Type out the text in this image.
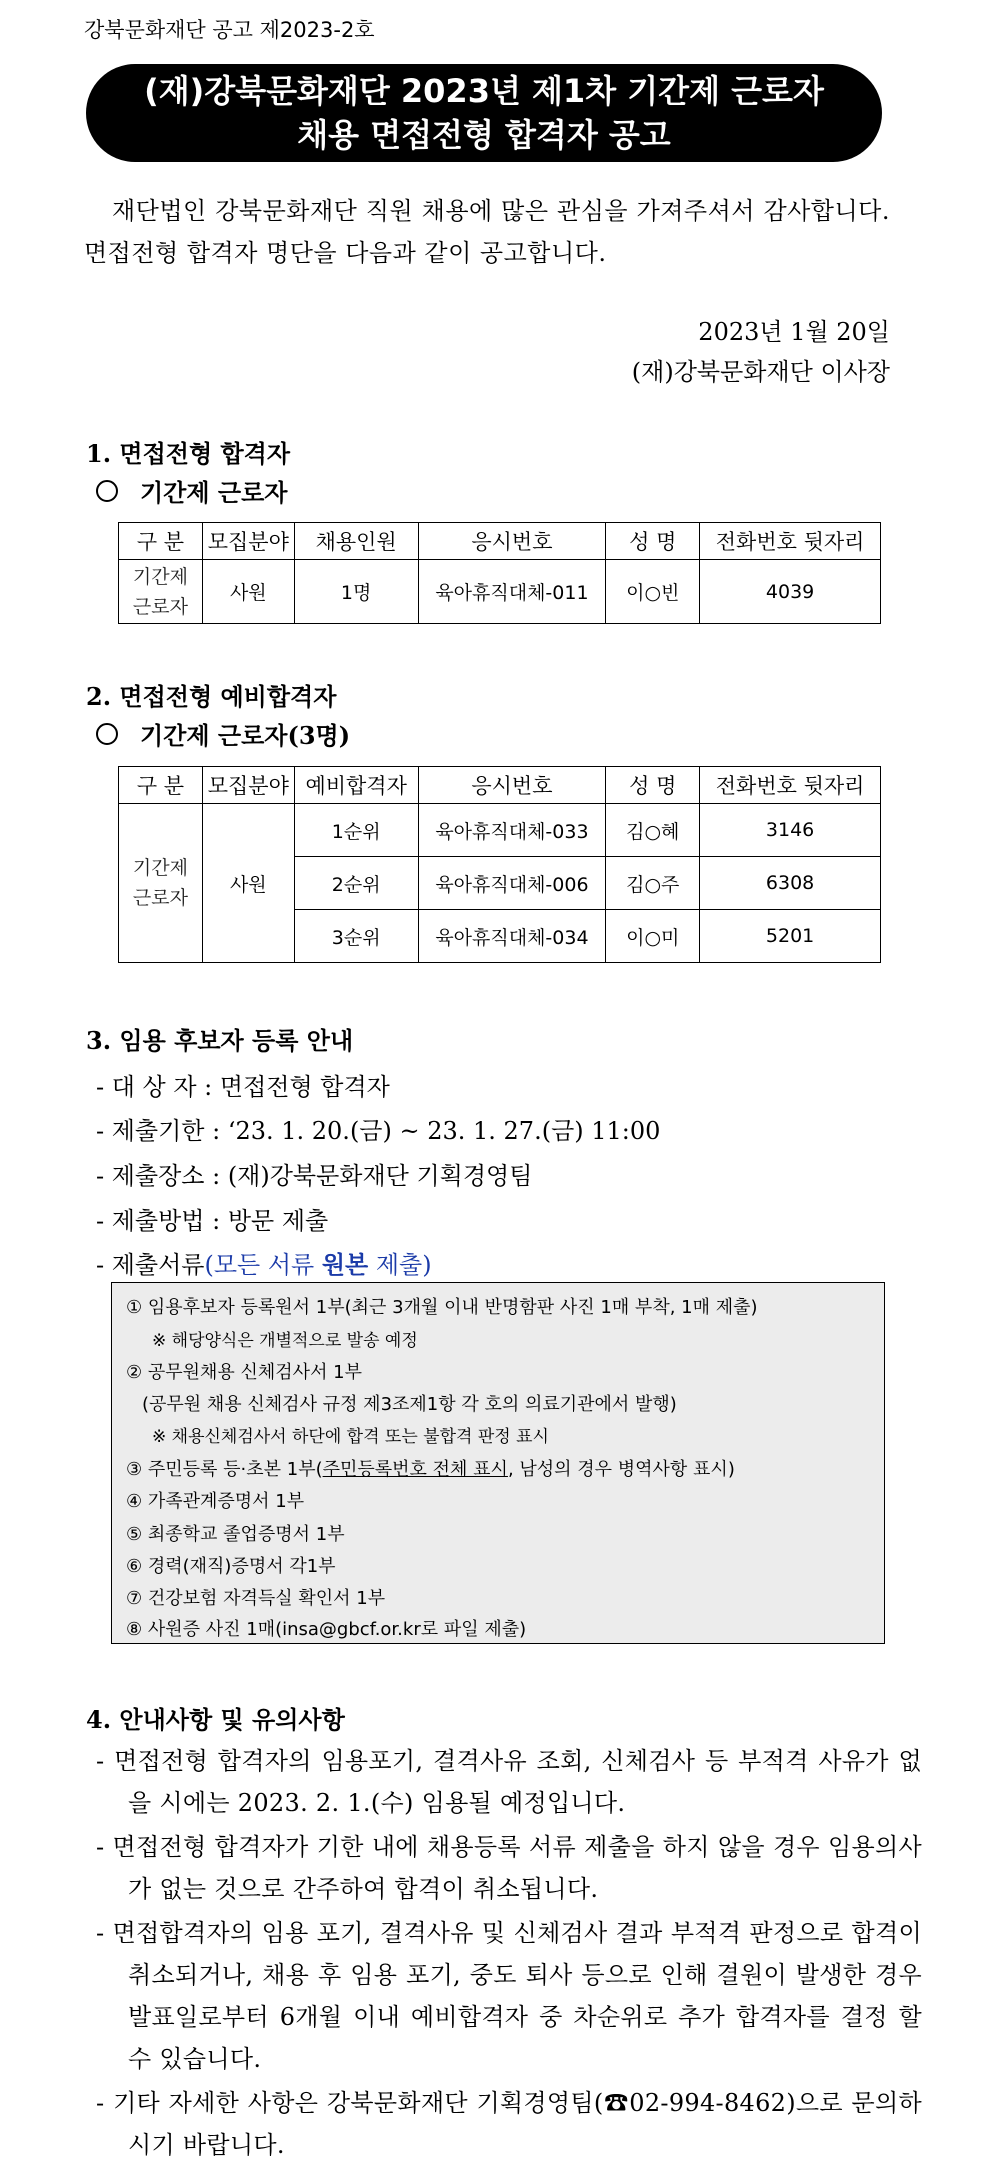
강북문화재단 공고 제2023-2호
(재)강북문화재단 2023년 제1차 기간제 근로자
채용 면접전형 합격자 공고
재단법인 강북문화재단 직원 채용에 많은 관심을 가져주셔서 감사합니다. 면접전형 합격자 명단을 다음과 같이 공고합니다.
2023년 1월 20일
(재)강북문화재단 이사장
1. 면접전형 합격자
기간제 근로자
구 분	모집분야	채용인원	응시번호	성 명	전화번호 뒷자리
기간제
근로자	사원	1명	육아휴직대체-011	이○빈	4039
2. 면접전형 예비합격자
기간제 근로자(3명)
구 분	모집분야	예비합격자	응시번호	성 명	전화번호 뒷자리
기간제
근로자	사원	1순위	육아휴직대체-033	김○혜	3146
		2순위	육아휴직대체-006	김○주	6308
		3순위	육아휴직대체-034	이○미	5201
3. 임용 후보자 등록 안내
- 대 상 자 : 면접전형 합격자
- 제출기한 : ‘23. 1. 20.(금) ~ 23. 1. 27.(금) 11:00
- 제출장소 : (재)강북문화재단 기획경영팀
- 제출방법 : 방문 제출
- 제출서류(모든 서류 원본 제출)
① 임용후보자 등록원서 1부(최근 3개월 이내 반명함판 사진 1매 부착, 1매 제출)
※ 해당양식은 개별적으로 발송 예정
② 공무원채용 신체검사서 1부
(공무원 채용 신체검사 규정 제3조제1항 각 호의 의료기관에서 발행)
※ 채용신체검사서 하단에 합격 또는 불합격 판정 표시
③ 주민등록 등·초본 1부(주민등록번호 전체 표시, 남성의 경우 병역사항 표시)
④ 가족관계증명서 1부
⑤ 최종학교 졸업증명서 1부
⑥ 경력(재직)증명서 각1부
⑦ 건강보험 자격득실 확인서 1부
⑧ 사원증 사진 1매(insa@gbcf.or.kr로 파일 제출)
4. 안내사항 및 유의사항
- 면접전형 합격자의 임용포기, 결격사유 조회, 신체검사 등 부적격 사유가 없을 시에는 2023. 2. 1.(수) 임용될 예정입니다.
- 면접전형 합격자가 기한 내에 채용등록 서류 제출을 하지 않을 경우 임용의사가 없는 것으로 간주하여 합격이 취소됩니다.
- 면접합격자의 임용 포기, 결격사유 및 신체검사 결과 부적격 판정으로 합격이 취소되거나, 채용 후 임용 포기, 중도 퇴사 등으로 인해 결원이 발생한 경우 발표일로부터 6개월 이내 예비합격자 중 차순위로 추가 합격자를 결정 할 수 있습니다.
- 기타 자세한 사항은 강북문화재단 기획경영팀(☎02-994-8462)으로 문의하시기 바랍니다.
